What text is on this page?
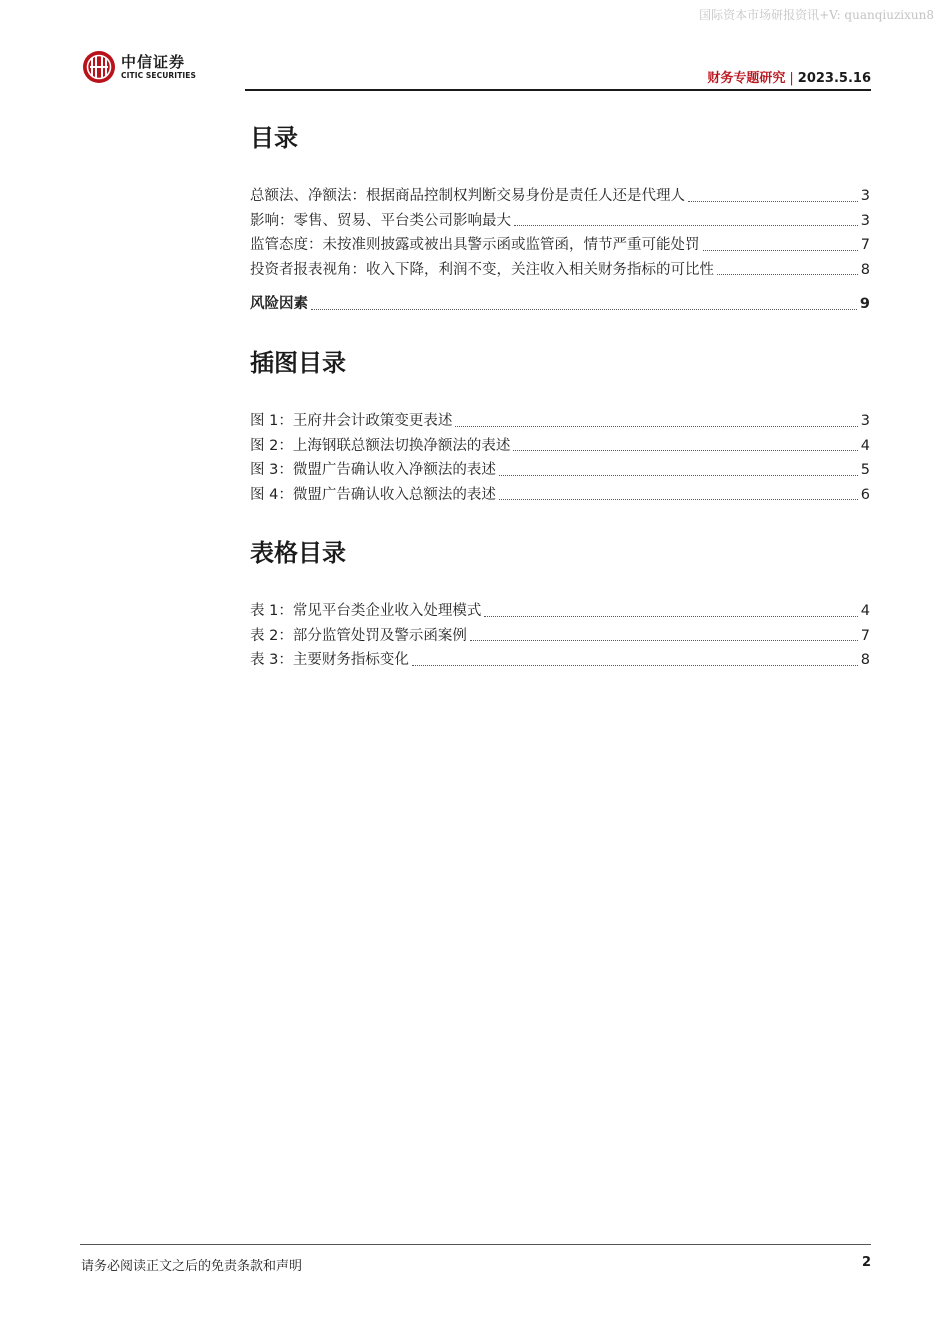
国际资本市场研报资讯+V: quanqiuzixun8
中信证券
CITIC SECURITIES	财务专题研究 | 2023.5.16
目录
总额法、净额法：根据商品控制权判断交易身份是责任人还是代理人	3
影响：零售、贸易、平台类公司影响最大	3
监管态度：未按准则披露或被出具警示函或监管函，情节严重可能处罚	7
投资者报表视角：收入下降，利润不变，关注收入相关财务指标的可比性	8
风险因素	9
插图目录
图 1：王府井会计政策变更表述	3
图 2：上海钢联总额法切换净额法的表述	4
图 3：微盟广告确认收入净额法的表述	5
图 4：微盟广告确认收入总额法的表述	6
表格目录
表 1：常见平台类企业收入处理模式	4
表 2：部分监管处罚及警示函案例	7
表 3：主要财务指标变化	8
请务必阅读正文之后的免责条款和声明	2
